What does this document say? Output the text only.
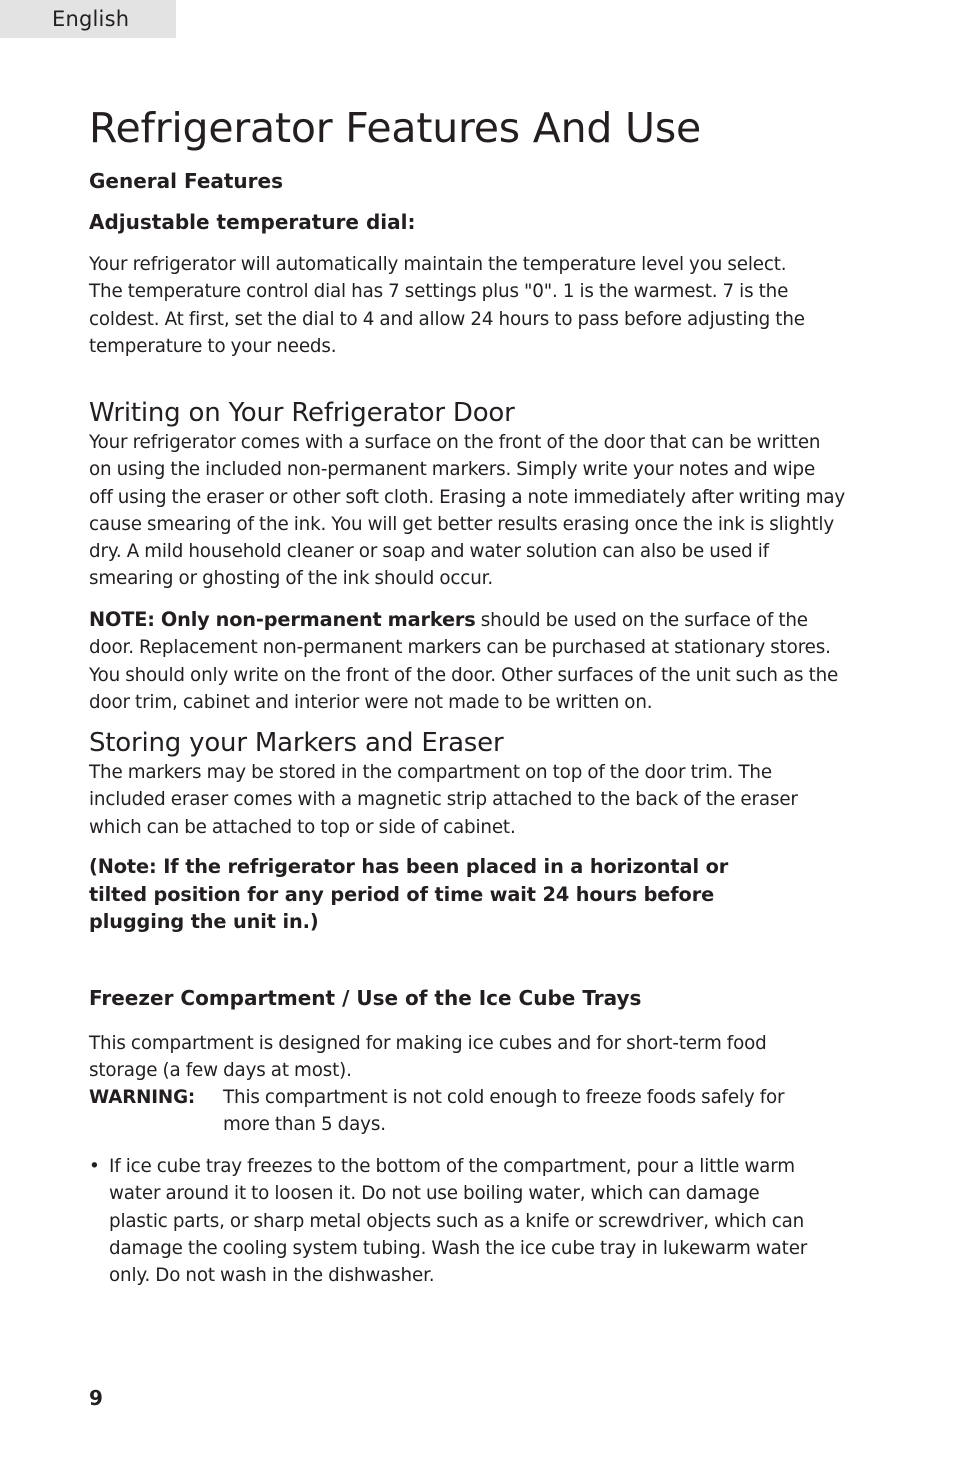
English
Refrigerator Features And Use
General Features
Adjustable temperature dial:

Your refrigerator will automatically maintain the temperature level you select.
The temperature control dial has 7 settings plus "0". 1 is the warmest. 7 is the
coldest. At first, set the dial to 4 and allow 24 hours to pass before adjusting the
temperature to your needs.

Writing on Your Refrigerator Door

Your refrigerator comes with a surface on the front of the door that can be written
on using the included non-permanent markers. Simply write your notes and wipe
off using the eraser or other soft cloth. Erasing a note immediately after writing may
cause smearing of the ink. You will get better results erasing once the ink is slightly
dry. A mild household cleaner or soap and water solution can also be used if
smearing or ghosting of the ink should occur.

NOTE: Only non-permanent markers should be used on the surface of the
door. Replacement non-permanent markers can be purchased at stationary stores.
You should only write on the front of the door. Other surfaces of the unit such as the
door trim, cabinet and interior were not made to be written on.

Storing your Markers and Eraser

The markers may be stored in the compartment on top of the door trim. The
included eraser comes with a magnetic strip attached to the back of the eraser
which can be attached to top or side of cabinet.

(Note: If the refrigerator has been placed in a horizontal or
tilted position for any period of time wait 24 hours before
plugging the unit in.)

Freezer Compartment / Use of the Ice Cube Trays

This compartment is designed for making ice cubes and for short-term food
storage (a few days at most).

WARNING: This compartment is not cold enough to freeze foods safely for
more than 5 days.
• If ice cube tray freezes to the bottom of the compartment, pour a little warm
water around it to loosen it. Do not use boiling water, which can damage
plastic parts, or sharp metal objects such as a knife or screwdriver, which can
damage the cooling system tubing. Wash the ice cube tray in lukewarm water
only. Do not wash in the dishwasher.
9
